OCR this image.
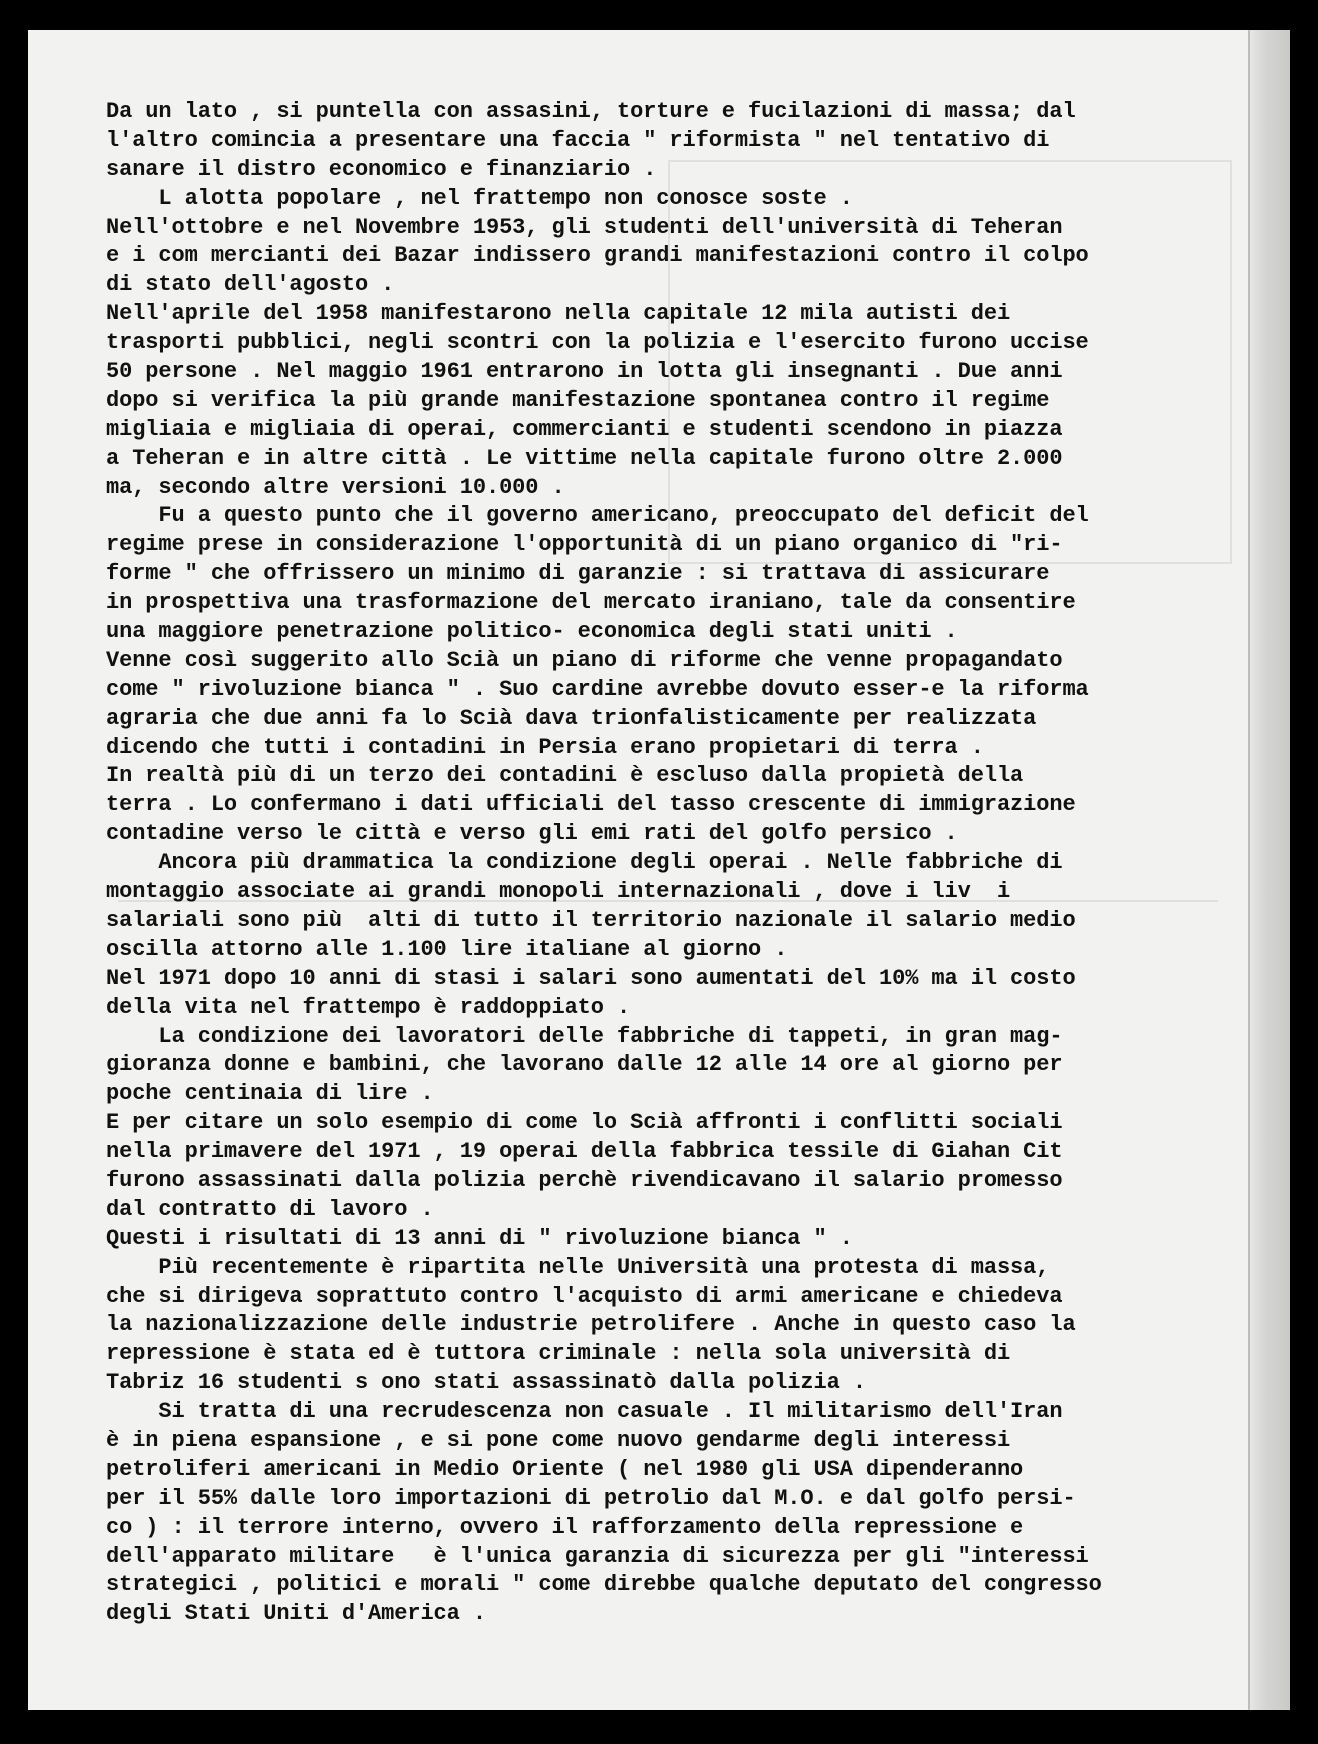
Da un lato , si puntella con assasini, torture e fucilazioni di massa; dal
l'altro comincia a presentare una faccia " riformista " nel tentativo di
sanare il distro economico e finanziario .
L alotta popolare , nel frattempo non conosce soste .
Nell'ottobre e nel Novembre 1953, gli studenti dell'università di Teheran
e i com mercianti dei Bazar indissero grandi manifestazioni contro il colpo
di stato dell'agosto .
Nell'aprile del 1958 manifestarono nella capitale 12 mila autisti dei
trasporti pubblici, negli scontri con la polizia e l'esercito furono uccise
50 persone . Nel maggio 1961 entrarono in lotta gli insegnanti . Due anni
dopo si verifica la più grande manifestazione spontanea contro il regime
migliaia e migliaia di operai, commercianti e studenti scendono in piazza
a Teheran e in altre città . Le vittime nella capitale furono oltre 2.000
ma, secondo altre versioni 10.000 .
Fu a questo punto che il governo americano, preoccupato del deficit del
regime prese in considerazione l'opportunità di un piano organico di "ri-
forme " che offrissero un minimo di garanzie : si trattava di assicurare
in prospettiva una trasformazione del mercato iraniano, tale da consentire
una maggiore penetrazione politico- economica degli stati uniti .
Venne così suggerito allo Scià un piano di riforme che venne propagandato
come " rivoluzione bianca " . Suo cardine avrebbe dovuto esser-e la riforma
agraria che due anni fa lo Scià dava trionfalisticamente per realizzata
dicendo che tutti i contadini in Persia erano propietari di terra .
In realtà più di un terzo dei contadini è escluso dalla propietà della
terra . Lo confermano i dati ufficiali del tasso crescente di immigrazione
contadine verso le città e verso gli emi rati del golfo persico .
Ancora più drammatica la condizione degli operai . Nelle fabbriche di
montaggio associate ai grandi monopoli internazionali , dove i liv  i
salariali sono più  alti di tutto il territorio nazionale il salario medio
oscilla attorno alle 1.100 lire italiane al giorno .
Nel 1971 dopo 10 anni di stasi i salari sono aumentati del 10% ma il costo
della vita nel frattempo è raddoppiato .
La condizione dei lavoratori delle fabbriche di tappeti, in gran mag-
gioranza donne e bambini, che lavorano dalle 12 alle 14 ore al giorno per
poche centinaia di lire .
E per citare un solo esempio di come lo Scià affronti i conflitti sociali
nella primavere del 1971 , 19 operai della fabbrica tessile di Giahan Cit
furono assassinati dalla polizia perchè rivendicavano il salario promesso
dal contratto di lavoro .
Questi i risultati di 13 anni di " rivoluzione bianca " .
Più recentemente è ripartita nelle Università una protesta di massa,
che si dirigeva soprattuto contro l'acquisto di armi americane e chiedeva
la nazionalizzazione delle industrie petrolifere . Anche in questo caso la
repressione è stata ed è tuttora criminale : nella sola università di
Tabriz 16 studenti s ono stati assassinatò dalla polizia .
Si tratta di una recrudescenza non casuale . Il militarismo dell'Iran
è in piena espansione , e si pone come nuovo gendarme degli interessi
petroliferi americani in Medio Oriente ( nel 1980 gli USA dipenderanno
per il 55% dalle loro importazioni di petrolio dal M.O. e dal golfo persi-
co ) : il terrore interno, ovvero il rafforzamento della repressione e
dell'apparato militare   è l'unica garanzia di sicurezza per gli "interessi
strategici , politici e morali " come direbbe qualche deputato del congresso
degli Stati Uniti d'America .
